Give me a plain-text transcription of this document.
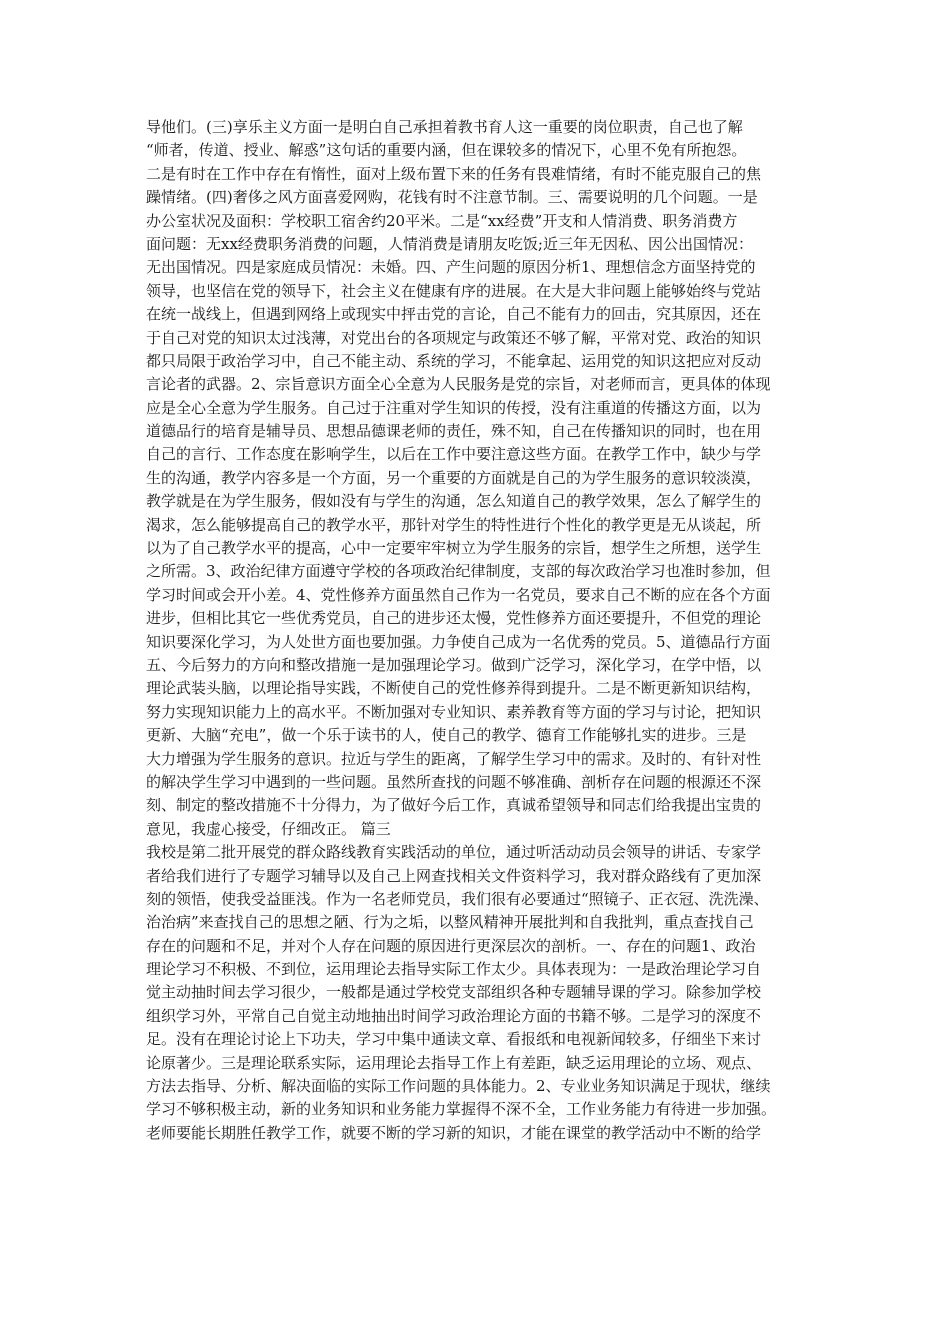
导他们。(三)享乐主义方面一是明白自己承担着教书育人这一重要的岗位职责，自己也了解
“师者，传道、授业、解惑”这句话的重要内涵，但在课较多的情况下，心里不免有所抱怨。
二是有时在工作中存在有惰性，面对上级布置下来的任务有畏难情绪，有时不能克服自己的焦
躁情绪。(四)奢侈之风方面喜爱网购，花钱有时不注意节制。三、需要说明的几个问题。一是
办公室状况及面积：学校职工宿舍约20平米。二是“xx经费”开支和人情消费、职务消费方
面问题：无xx经费职务消费的问题，人情消费是请朋友吃饭;近三年无因私、因公出国情况：
无出国情况。四是家庭成员情况：未婚。四、产生问题的原因分析1、理想信念方面坚持党的
领导，也坚信在党的领导下，社会主义在健康有序的进展。在大是大非问题上能够始终与党站
在统一战线上，但遇到网络上或现实中抨击党的言论，自己不能有力的回击，究其原因，还在
于自己对党的知识太过浅薄，对党出台的各项规定与政策还不够了解，平常对党、政治的知识
都只局限于政治学习中，自己不能主动、系统的学习，不能拿起、运用党的知识这把应对反动
言论者的武器。2、宗旨意识方面全心全意为人民服务是党的宗旨，对老师而言，更具体的体现
应是全心全意为学生服务。自己过于注重对学生知识的传授，没有注重道的传播这方面，以为
道德品行的培育是辅导员、思想品德课老师的责任，殊不知，自己在传播知识的同时，也在用
自己的言行、工作态度在影响学生，以后在工作中要注意这些方面。在教学工作中，缺少与学
生的沟通，教学内容多是一个方面，另一个重要的方面就是自己的为学生服务的意识较淡漠，
教学就是在为学生服务，假如没有与学生的沟通，怎么知道自己的教学效果，怎么了解学生的
渴求，怎么能够提高自己的教学水平，那针对学生的特性进行个性化的教学更是无从谈起，所
以为了自己教学水平的提高，心中一定要牢牢树立为学生服务的宗旨，想学生之所想，送学生
之所需。3、政治纪律方面遵守学校的各项政治纪律制度，支部的每次政治学习也准时参加，但
学习时间或会开小差。4、党性修养方面虽然自己作为一名党员，要求自己不断的应在各个方面
进步，但相比其它一些优秀党员，自己的进步还太慢，党性修养方面还要提升，不但党的理论
知识要深化学习，为人处世方面也要加强。力争使自己成为一名优秀的党员。5、道德品行方面
五、今后努力的方向和整改措施一是加强理论学习。做到广泛学习，深化学习，在学中悟，以
理论武装头脑，以理论指导实践，不断使自己的党性修养得到提升。二是不断更新知识结构，
努力实现知识能力上的高水平。不断加强对专业知识、素养教育等方面的学习与讨论，把知识
更新、大脑“充电”，做一个乐于读书的人，使自己的教学、德育工作能够扎实的进步。三是
大力增强为学生服务的意识。拉近与学生的距离，了解学生学习中的需求。及时的、有针对性
的解决学生学习中遇到的一些问题。虽然所查找的问题不够准确、剖析存在问题的根源还不深
刻、制定的整改措施不十分得力，为了做好今后工作，真诚希望领导和同志们给我提出宝贵的
意见，我虚心接受，仔细改正。 篇三
我校是第二批开展党的群众路线教育实践活动的单位，通过听活动动员会领导的讲话、专家学
者给我们进行了专题学习辅导以及自己上网查找相关文件资料学习，我对群众路线有了更加深
刻的领悟，使我受益匪浅。作为一名老师党员，我们很有必要通过“照镜子、正衣冠、洗洗澡、
治治病”来查找自己的思想之陋、行为之垢，以整风精神开展批判和自我批判，重点查找自己
存在的问题和不足，并对个人存在问题的原因进行更深层次的剖析。一、存在的问题1、政治
理论学习不积极、不到位，运用理论去指导实际工作太少。具体表现为：一是政治理论学习自
觉主动抽时间去学习很少，一般都是通过学校党支部组织各种专题辅导课的学习。除参加学校
组织学习外，平常自己自觉主动地抽出时间学习政治理论方面的书籍不够。二是学习的深度不
足。没有在理论讨论上下功夫，学习中集中通读文章、看报纸和电视新闻较多，仔细坐下来讨
论原著少。三是理论联系实际，运用理论去指导工作上有差距，缺乏运用理论的立场、观点、
方法去指导、分析、解决面临的实际工作问题的具体能力。2、专业业务知识满足于现状，继续
学习不够积极主动，新的业务知识和业务能力掌握得不深不全，工作业务能力有待进一步加强。
老师要能长期胜任教学工作，就要不断的学习新的知识，才能在课堂的教学活动中不断的给学
